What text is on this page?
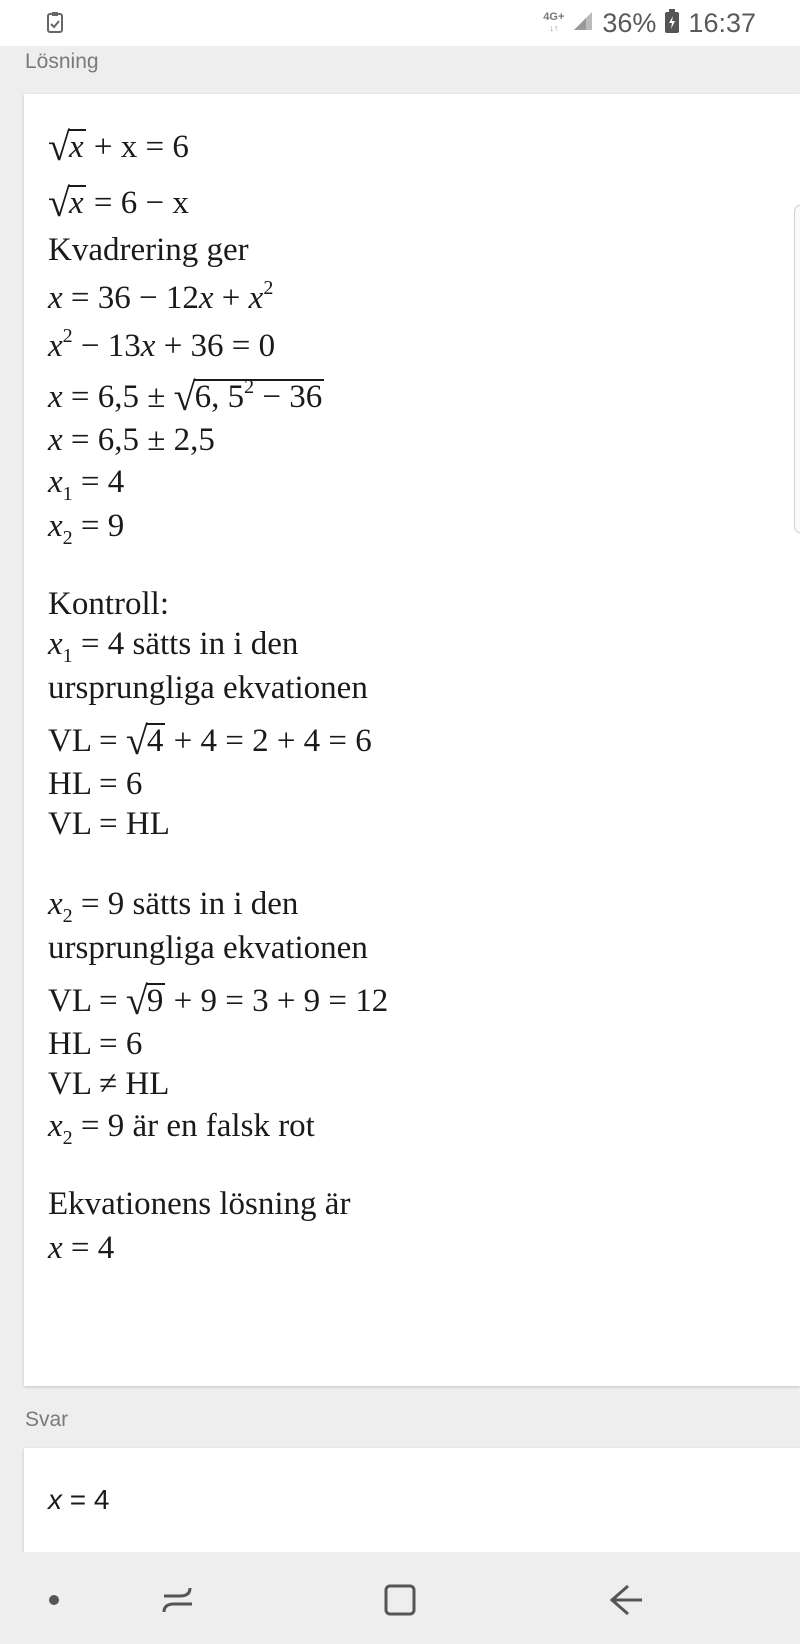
4G+
↓↑ 36% 16:37
Lösning
√x + x = 6
√x = 6 − x
Kvadrering ger
$x = 36 - 12x + x^2$
$x^2 - 13x + 36 = 0$
x = 6,5 ± √6, $5^2 - 36$
x = 6,5 ± 2,5
$x_1 = 4$
$x_2 = 9$
Kontroll:
$x_1 = 4$ sätts in i den
ursprungliga ekvationen
VL = √4 + 4 = 2 + 4 = 6
HL = 6
VL = HL
$x_2 = 9$ sätts in i den
ursprungliga ekvationen
VL = √9 + 9 = 3 + 9 = 12
HL = 6
VL ≠ HL
$x_2 = 9$ är en falsk rot
Ekvationens lösning är
x = 4
Svar
x = 4
